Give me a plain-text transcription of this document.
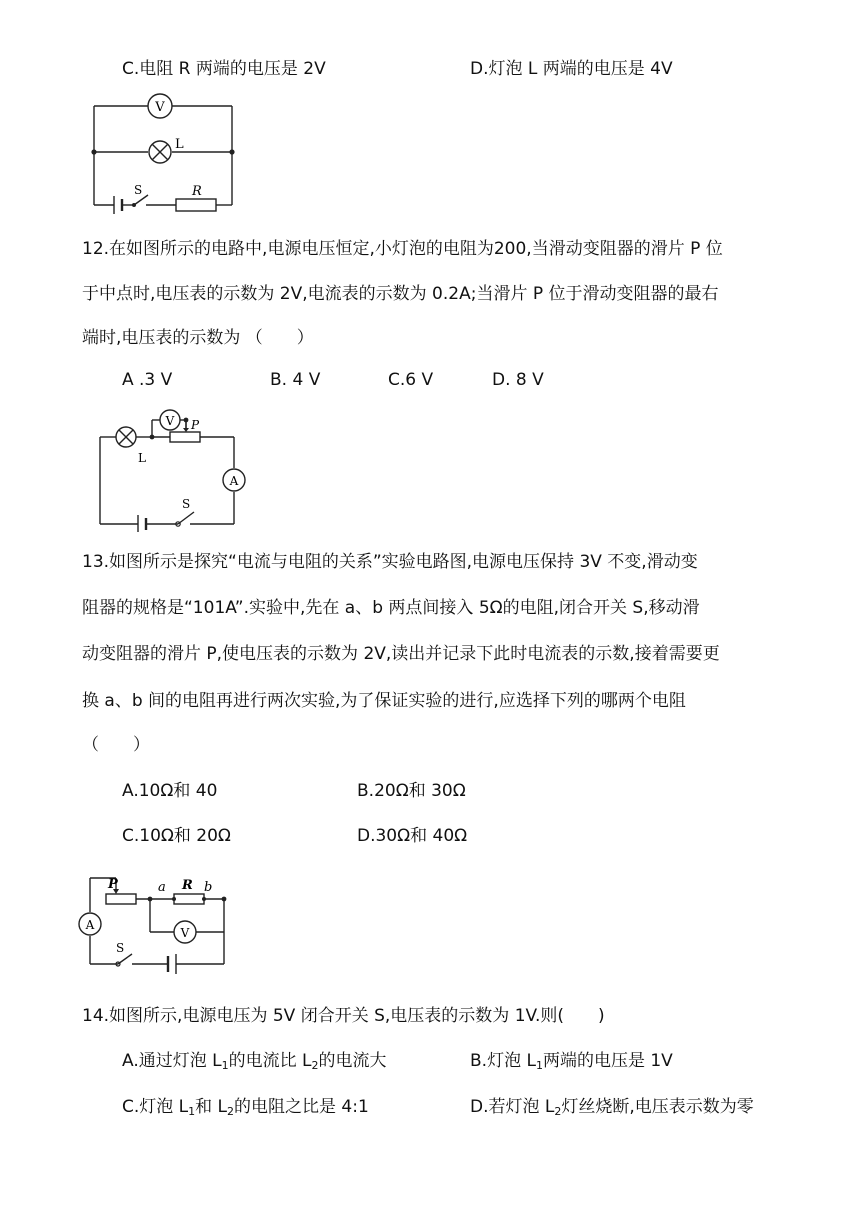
C.电阻 R 两端的电压是 2V	D.灯泡 L 两端的电压是 4V
V
L
S	R
12.在如图所示的电路中,电源电压恒定,小灯泡的电阻为200,当滑动变阻器的滑片 P 位
于中点时,电压表的示数为 2V,电流表的示数为 0.2A;当滑片 P 位于滑动变阻器的最右
端时,电压表的示数为 （　　）
A .3 V	B. 4 V	C.6 V	D. 8 V
V
A
L
P
S
13.如图所示是探究“电流与电阻的关系”实验电路图,电源电压保持 3V 不变,滑动变
阻器的规格是“101A”.实验中,先在 a、b 两点间接入 5Ω的电阻,闭合开关 S,移动滑
动变阻器的滑片 P,使电压表的示数为 2V,读出并记录下此时电流表的示数,接着需要更
换 a、b 间的电阻再进行两次实验,为了保证实验的进行,应选择下列的哪两个电阻
（　　）
A.10Ω和 40	B.20Ω和 30Ω
C.10Ω和 20Ω	D.30Ω和 40Ω
P	a R b
A
V
S
14.如图所示,电源电压为 5V 闭合开关 S,电压表的示数为 1V.则(　　)
A.通过灯泡 $L_1$的电流比 $L_2$的电流大	B.灯泡 $L_1$两端的电压是 1V
C.灯泡 $L_1$和 $L_2$的电阻之比是 4:1	D.若灯泡 $L_2$灯丝烧断,电压表示数为零
